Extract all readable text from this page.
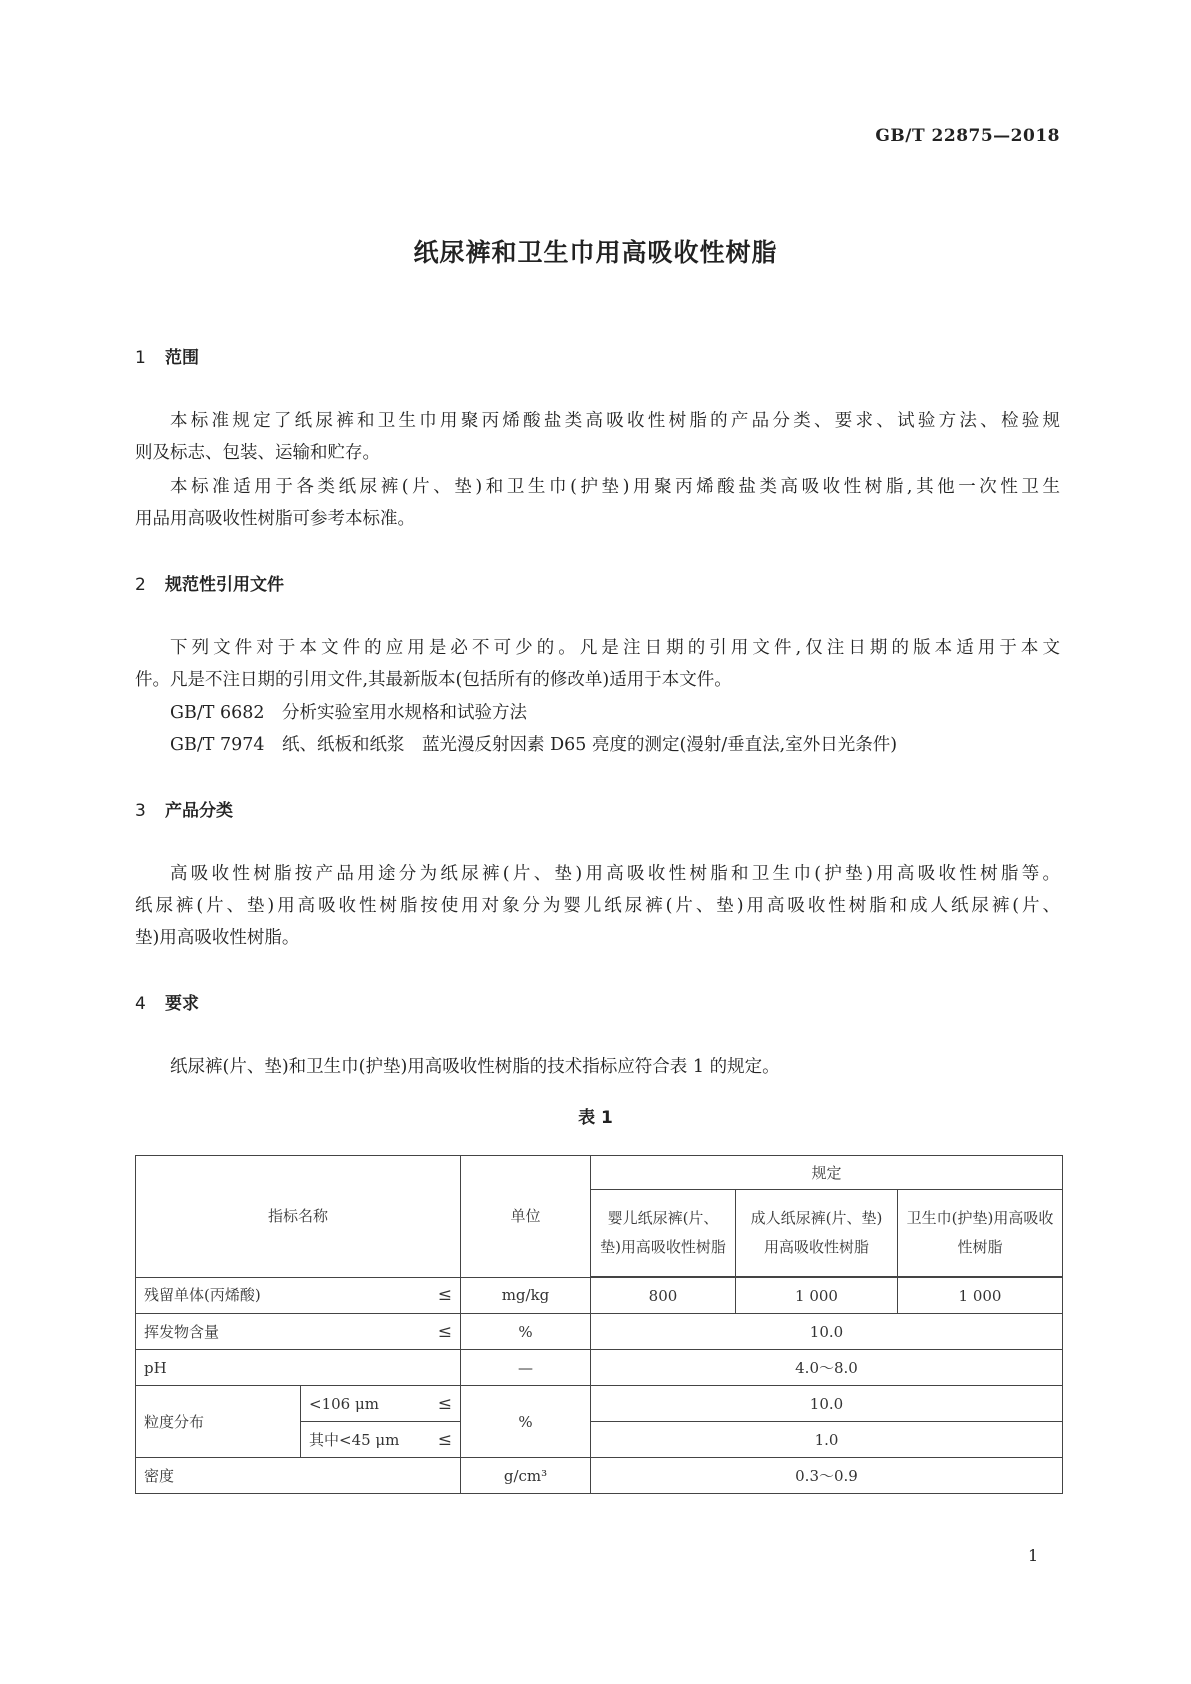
GB/T 22875—2018
纸尿裤和卫生巾用高吸收性树脂
1 范围
本标准规定了纸尿裤和卫生巾用聚丙烯酸盐类高吸收性树脂的产品分类、要求、试验方法、检验规
则及标志、包装、运输和贮存。
本标准适用于各类纸尿裤(片、垫)和卫生巾(护垫)用聚丙烯酸盐类高吸收性树脂,其他一次性卫生
用品用高吸收性树脂可参考本标准。
2 规范性引用文件
下列文件对于本文件的应用是必不可少的。凡是注日期的引用文件,仅注日期的版本适用于本文
件。凡是不注日期的引用文件,其最新版本(包括所有的修改单)适用于本文件。
GB/T 6682　 分析实验室用水规格和试验方法
GB/T 7974　 纸、纸板和纸浆　蓝光漫反射因素 D65 亮度的测定(漫射/垂直法,室外日光条件)
3 产品分类
高吸收性树脂按产品用途分为纸尿裤(片、垫)用高吸收性树脂和卫生巾(护垫)用高吸收性树脂等。
纸尿裤(片、垫)用高吸收性树脂按使用对象分为婴儿纸尿裤(片、垫)用高吸收性树脂和成人纸尿裤(片、
垫)用高吸收性树脂。
4 要求
纸尿裤(片、垫)和卫生巾(护垫)用高吸收性树脂的技术指标应符合表 1 的规定。
表 1
指标名称		单位	规定		
			婴儿纸尿裤(片、垫)用高吸收性树脂	成人纸尿裤(片、垫)用高吸收性树脂	卫生巾(护垫)用高吸收性树脂
残留单体(丙烯酸) ≤		mg/kg	800	1 000	1 000
挥发物含量 ≤		%	10.0		
pH		—	4.0～8.0		
粒度分布	<106 μm ≤	%	10.0		
	其中<45 μm ≤		1.0		
密度		g/cm³	0.3～0.9		
1
